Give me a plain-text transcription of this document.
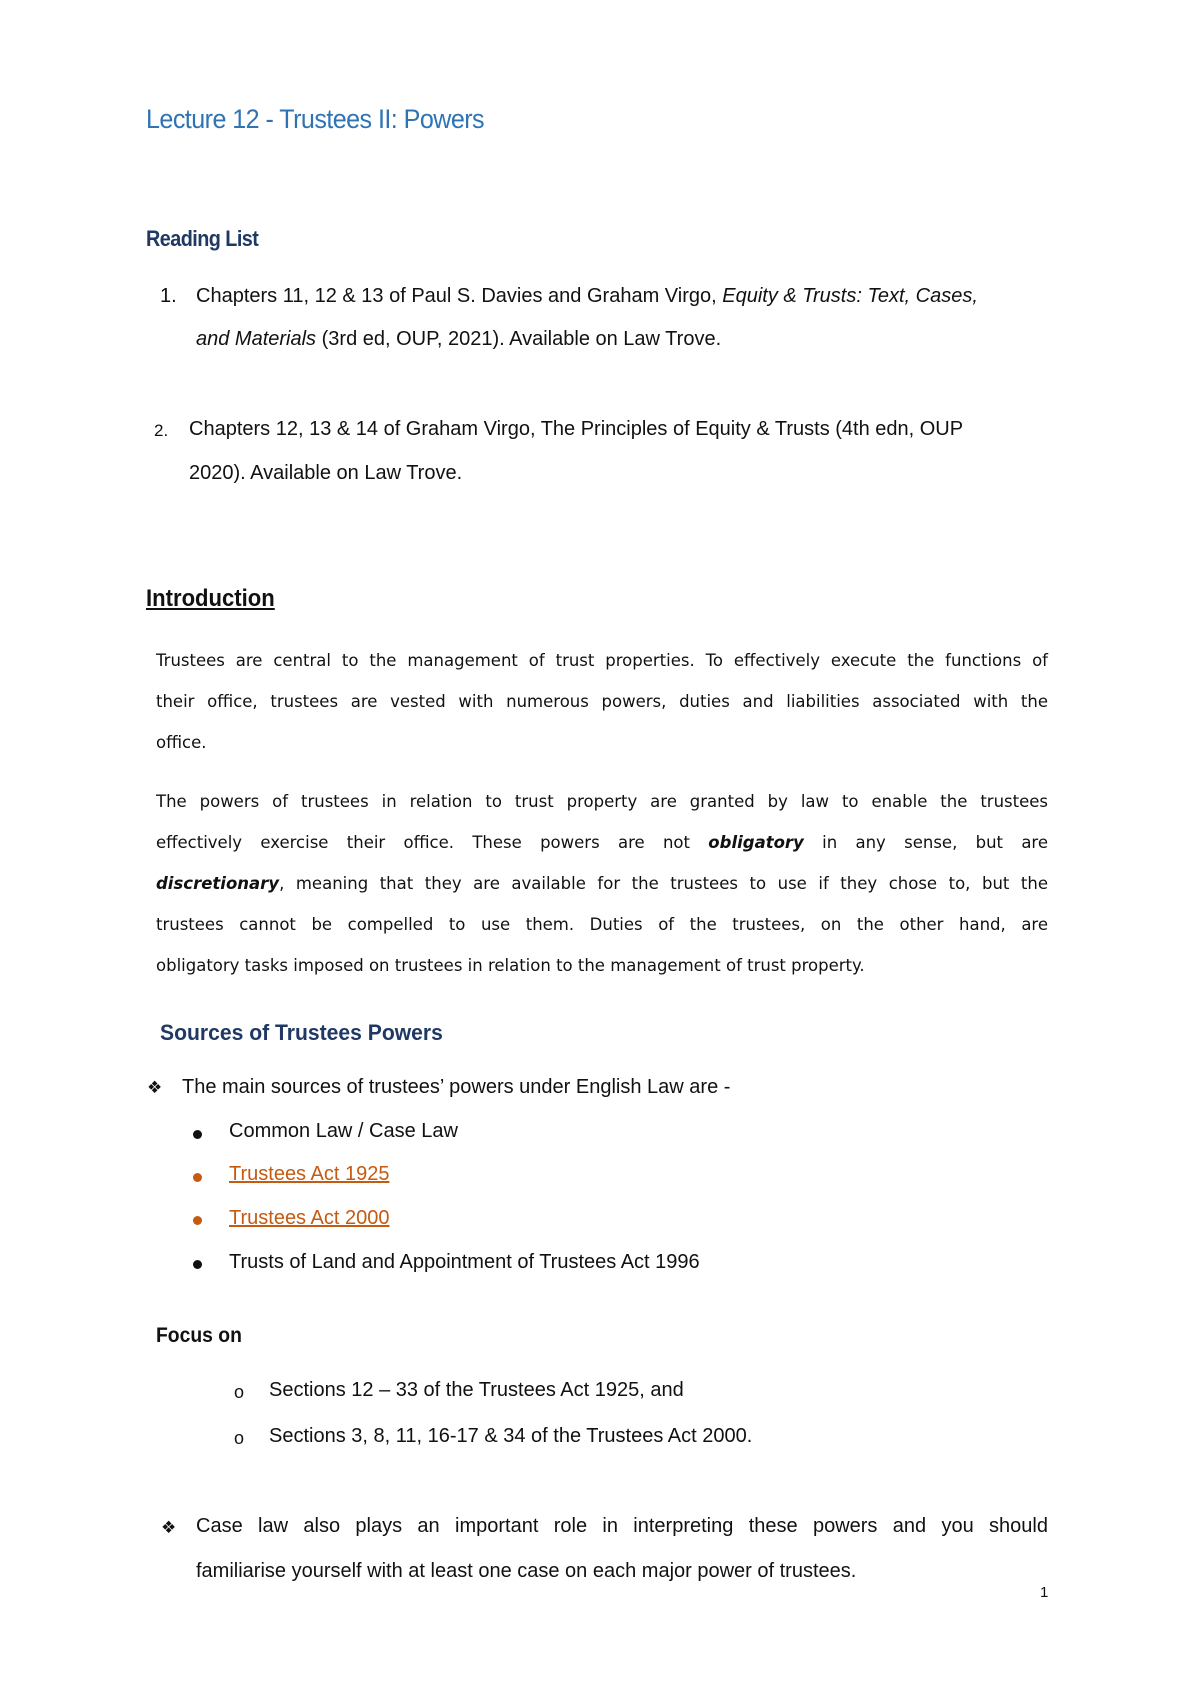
Lecture 12 - Trustees II: Powers
Reading List
1. Chapters 11, 12 & 13 of Paul S. Davies and Graham Virgo, Equity & Trusts: Text, Cases,
and Materials (3rd ed, OUP, 2021). Available on Law Trove.
2. Chapters 12, 13 & 14 of Graham Virgo, The Principles of Equity & Trusts (4th edn, OUP
2020). Available on Law Trove.
Introduction
Trustees are central to the management of trust properties. To effectively execute the functions of
their office, trustees are vested with numerous powers, duties and liabilities associated with the
office.
The powers of trustees in relation to trust property are granted by law to enable the trustees
effectively exercise their office. These powers are not obligatory in any sense, but are
discretionary, meaning that they are available for the trustees to use if they chose to, but the
trustees cannot be compelled to use them. Duties of the trustees, on the other hand, are
obligatory tasks imposed on trustees in relation to the management of trust property.
Sources of Trustees Powers
❖ The main sources of trustees’ powers under English Law are -
Common Law / Case Law
Trustees Act 1925
Trustees Act 2000
Trusts of Land and Appointment of Trustees Act 1996
Focus on
o Sections 12 – 33 of the Trustees Act 1925, and
o Sections 3, 8, 11, 16-17 & 34 of the Trustees Act 2000.
❖ Case law also plays an important role in interpreting these powers and you should
familiarise yourself with at least one case on each major power of trustees.
1
